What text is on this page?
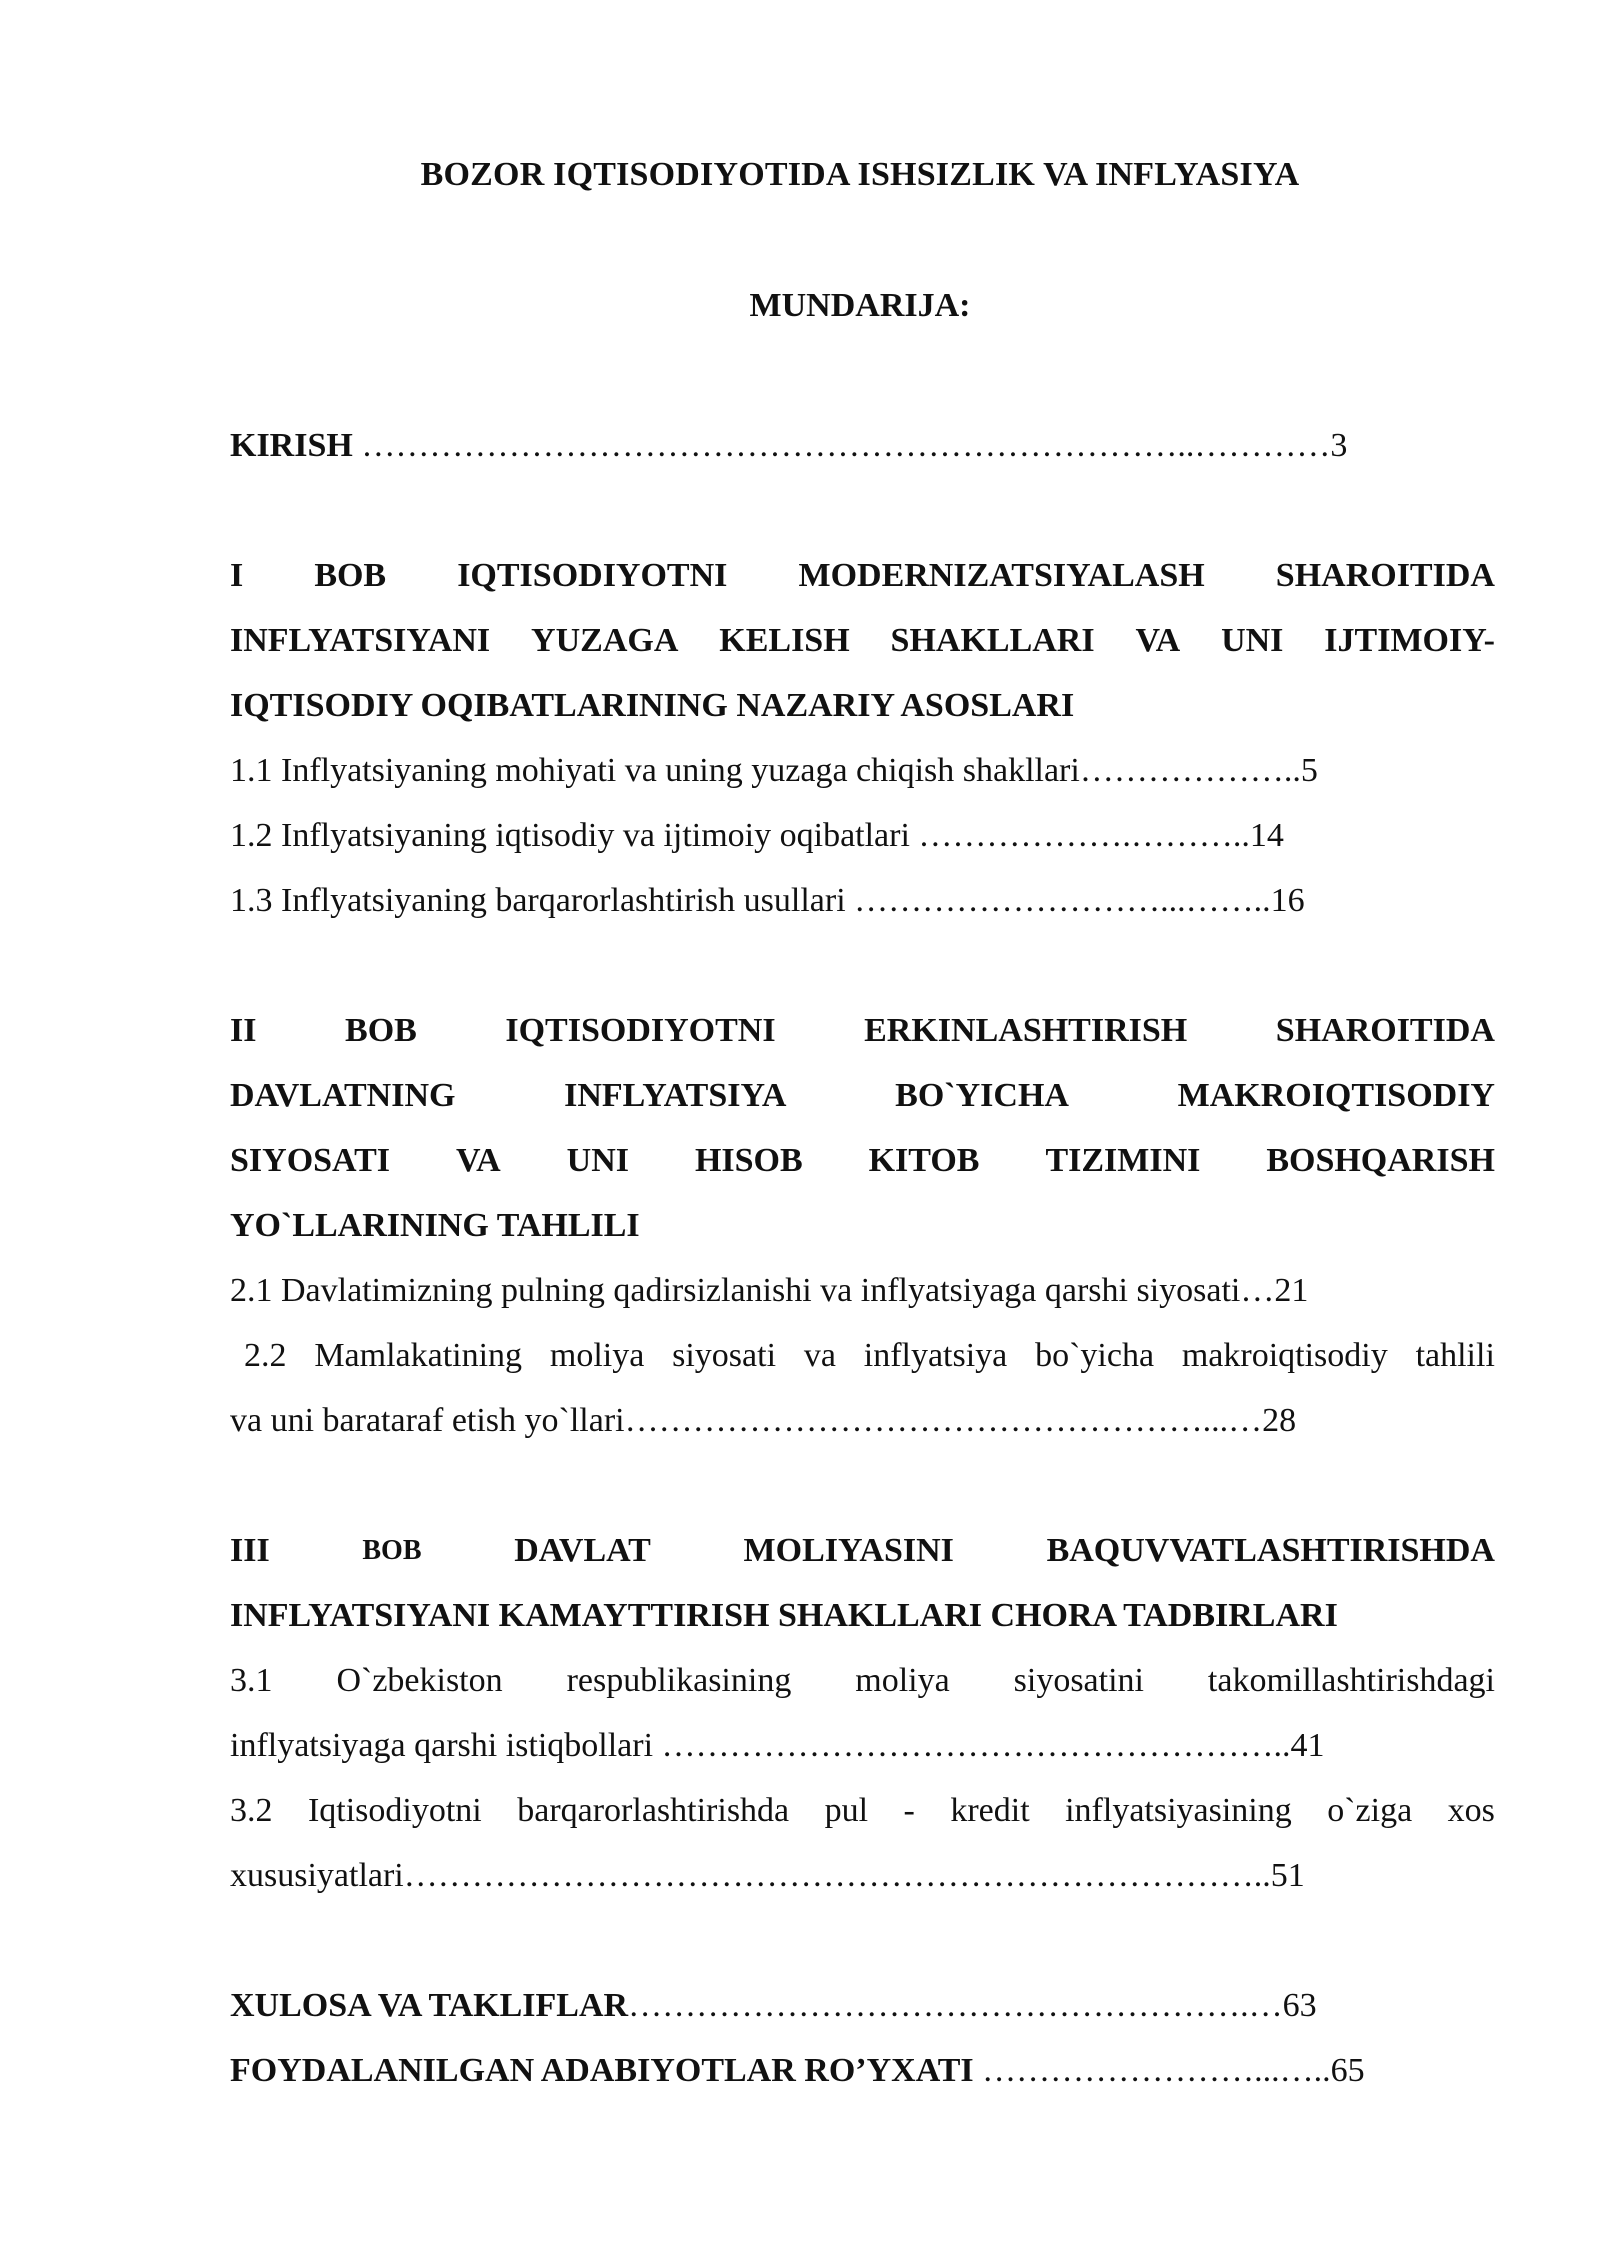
BOZOR IQTISODIYOTIDA ISHSIZLIK VA INFLYASIYA
MUNDARIJA:
KIRISH ………………………………………………………………..…………3
I BOB IQTISODIYOTNI MODERNIZATSIYALASH SHAROITIDA
INFLYATSIYANI YUZAGA KELISH SHAKLLARI VA UNI IJTIMOIY-
IQTISODIY OQIBATLARINING NAZARIY ASOSLARI
1.1 Inflyatsiyaning mohiyati va uning yuzaga chiqish shakllari………………..5
1.2 Inflyatsiyaning iqtisodiy va ijtimoiy oqibatlari ……………….………..14
1.3 Inflyatsiyaning barqarorlashtirish usullari ………………………...……..16
II	BOB	IQTISODIYOTNI	ERKINLASHTIRISH	SHAROITIDA
DAVLATNING	INFLYATSIYA	BO`YICHA	MAKROIQTISODIY
SIYOSATI VA UNI HISOB KITOB TIZIMINI BOSHQARISH
YO`LLARINING TAHLILI
2.1 Davlatimizning pulning qadirsizlanishi va inflyatsiyaga qarshi siyosati…21
2.2 Mamlakatining moliya siyosati va inflyatsiya bo`yicha makroiqtisodiy tahlili
va uni barataraf etish yo`llari……………………………………………...…28
III	BOB	DAVLAT	MOLIYASINI	BAQUVVATLASHTIRISHDA
INFLYATSIYANI KAMAYTTIRISH SHAKLLARI CHORA TADBIRLARI
3.1 O`zbekiston respublikasining moliya siyosatini takomillashtirishdagi
inflyatsiyaga qarshi istiqbollari ………………………………………………..41
3.2 Iqtisodiyotni barqarorlashtirishda pul - kredit inflyatsiyasining o`ziga xos
xususiyatlari…………………………………………………………………..51
XULOSA VA TAKLIFLAR……………………………………………….…63
FOYDALANILGAN ADABIYOTLAR RO’YXATI ……………………...…..65
